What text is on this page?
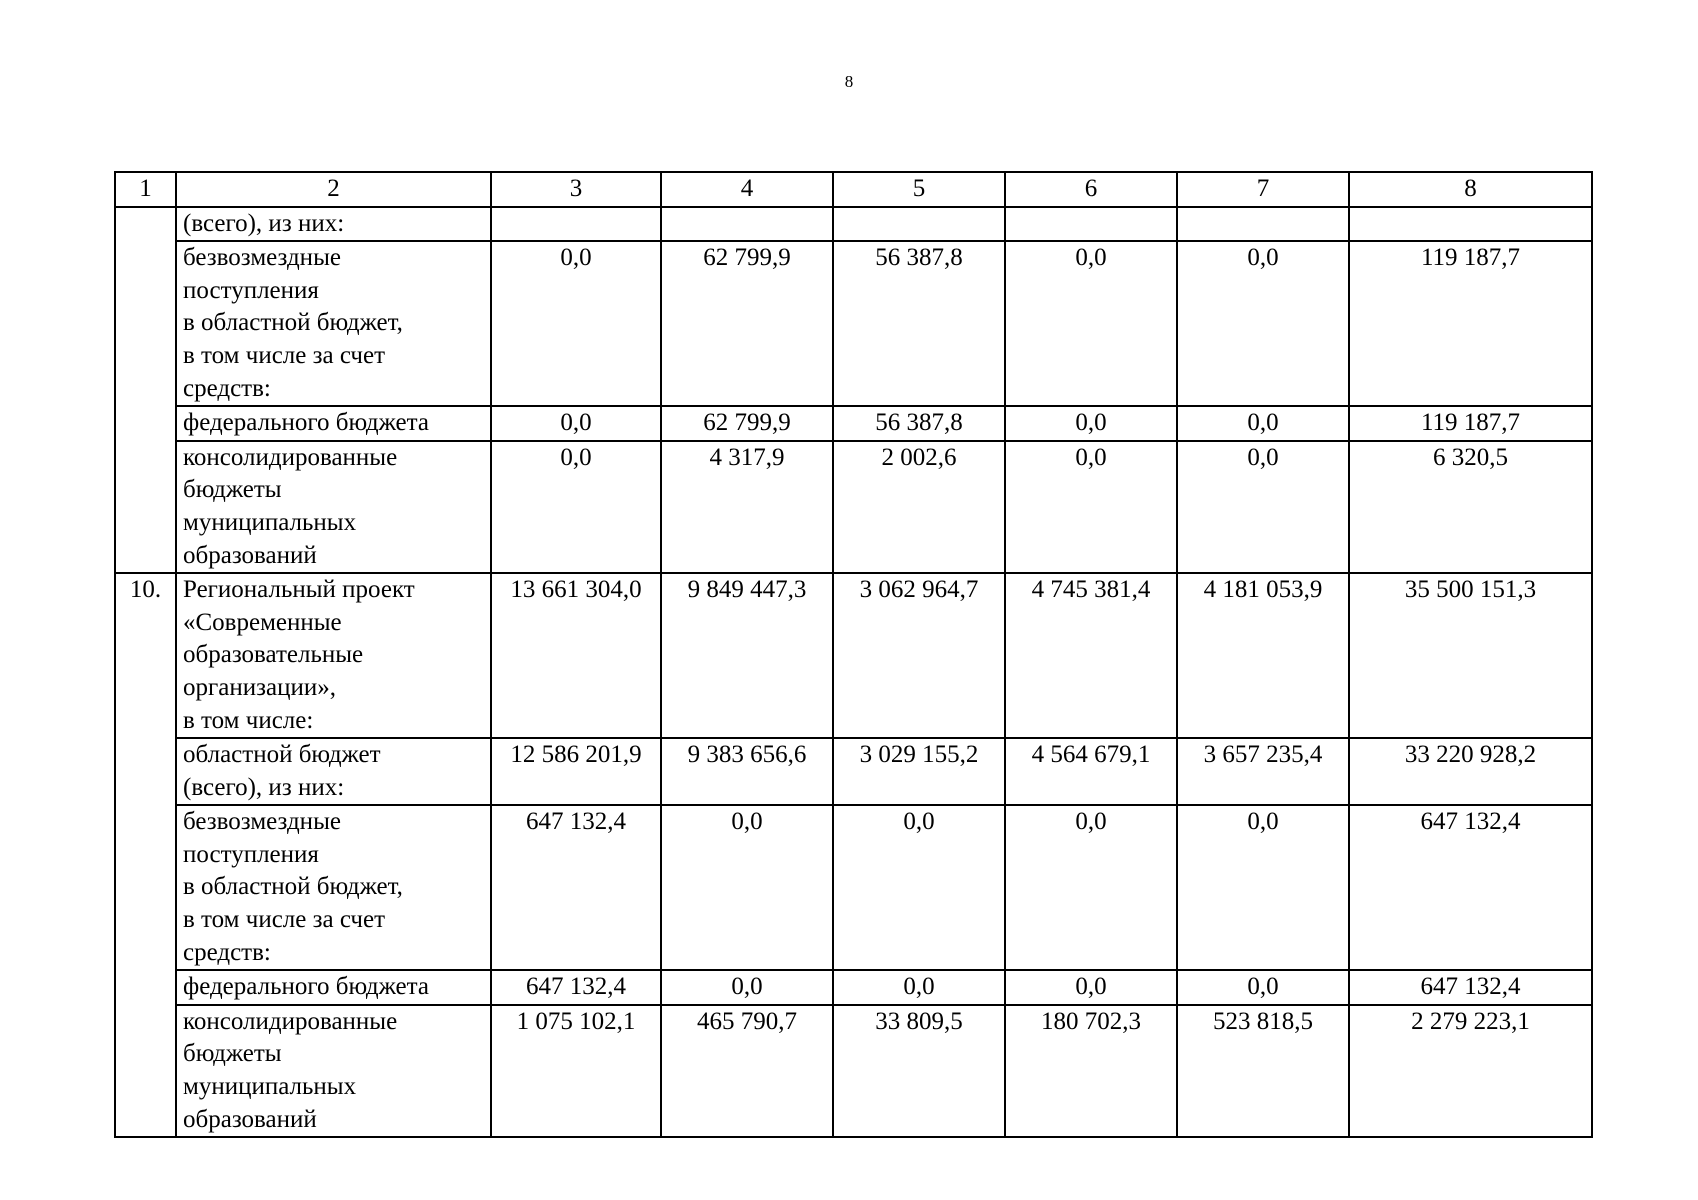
8
1	2	3	4	5	6	7	8

	(всего), из них:						

	безвозмездные
поступления
в областной бюджет,
в том числе за счет
средств:	0,0	62 799,9	56 387,8	0,0	0,0	119 187,7

	федерального бюджета	0,0	62 799,9	56 387,8	0,0	0,0	119 187,7

	консолидированные
бюджеты
муниципальных
образований	0,0	4 317,9	2 002,6	0,0	0,0	6 320,5
10.	Региональный проект
«Современные
образовательные
организации»,
в том числе:	13 661 304,0	9 849 447,3	3 062 964,7	4 745 381,4	4 181 053,9	35 500 151,3

	областной бюджет
(всего), из них:	12 586 201,9	9 383 656,6	3 029 155,2	4 564 679,1	3 657 235,4	33 220 928,2

	безвозмездные
поступления
в областной бюджет,
в том числе за счет
средств:	647 132,4	0,0	0,0	0,0	0,0	647 132,4

	федерального бюджета	647 132,4	0,0	0,0	0,0	0,0	647 132,4

	консолидированные
бюджеты
муниципальных
образований	1 075 102,1	465 790,7	33 809,5	180 702,3	523 818,5	2 279 223,1
